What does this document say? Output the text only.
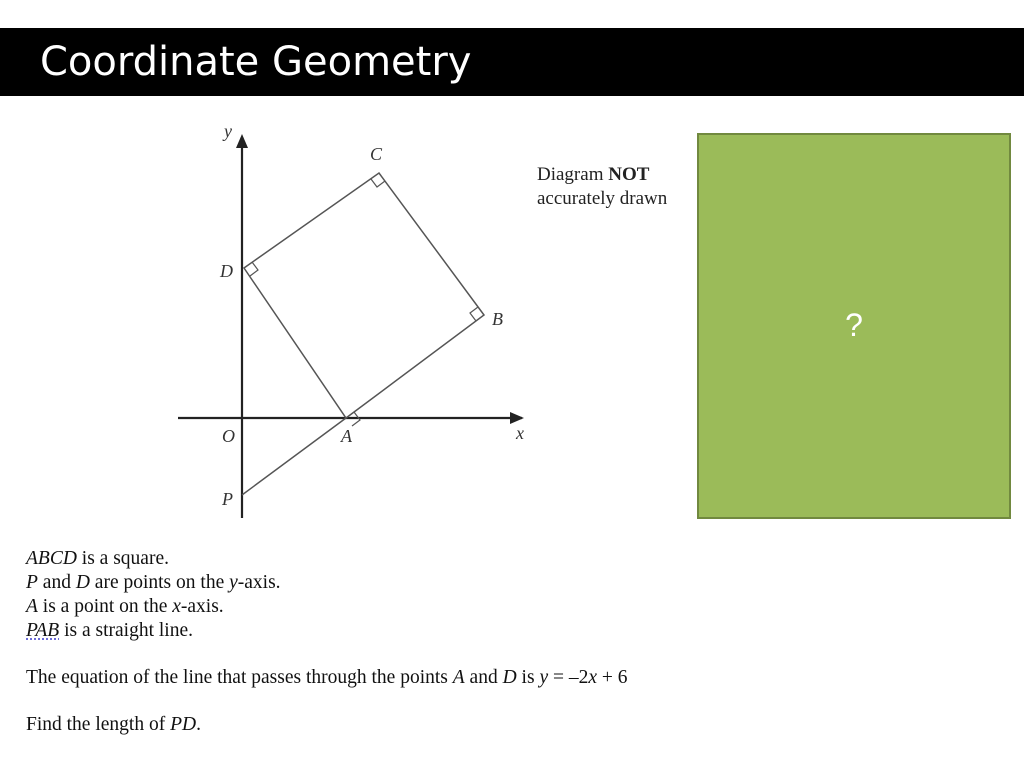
Coordinate Geometry
y
x
O	A
B
C
D
P
Diagram NOT
accurately drawn
?
ABCD is a square.
P and D are points on the y-axis.
A is a point on the x-axis.
PAB is a straight line.
The equation of the line that passes through the points A and D is y = –2x + 6
Find the length of PD.
